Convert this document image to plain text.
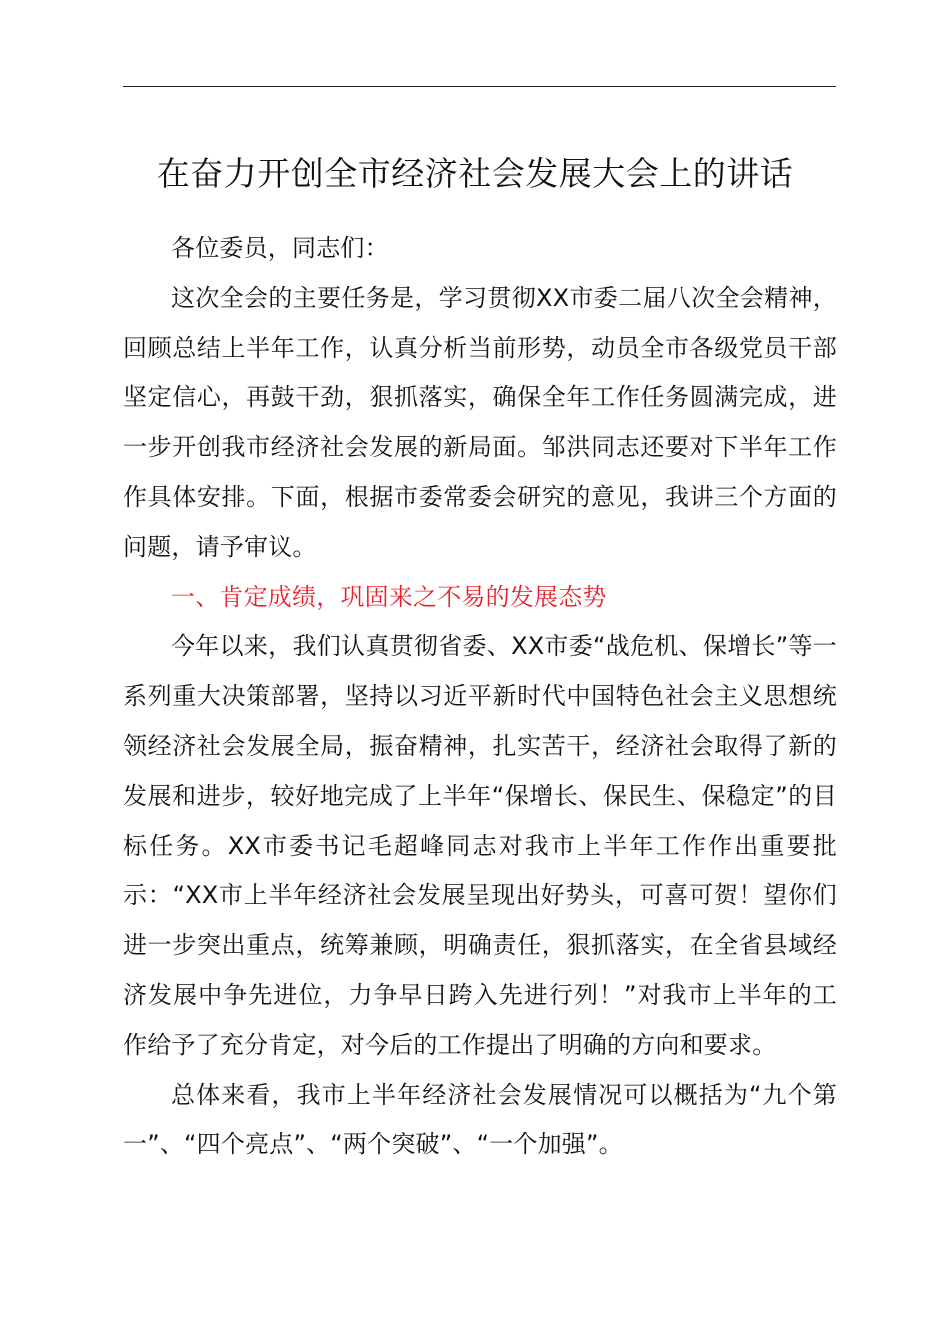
在奋力开创全市经济社会发展大会上的讲话

各位委员，同志们：

这次全会的主要任务是，学习贯彻XX市委二届八次全会精神，回顾总结上半年工作，认真分析当前形势，动员全市各级党员干部坚定信心，再鼓干劲，狠抓落实，确保全年工作任务圆满完成，进一步开创我市经济社会发展的新局面。邹洪同志还要对下半年工作作具体安排。下面，根据市委常委会研究的意见，我讲三个方面的问题，请予审议。

一、肯定成绩，巩固来之不易的发展态势

今年以来，我们认真贯彻省委、XX市委“战危机、保增长”等一系列重大决策部署，坚持以习近平新时代中国特色社会主义思想统领经济社会发展全局，振奋精神，扎实苦干，经济社会取得了新的发展和进步，较好地完成了上半年“保增长、保民生、保稳定”的目标任务。XX市委书记毛超峰同志对我市上半年工作作出重要批示：“XX市上半年经济社会发展呈现出好势头，可喜可贺！望你们进一步突出重点，统筹兼顾，明确责任，狠抓落实，在全省县域经济发展中争先进位，力争早日跨入先进行列！”对我市上半年的工作给予了充分肯定，对今后的工作提出了明确的方向和要求。

总体来看，我市上半年经济社会发展情况可以概括为“九个第一”、“四个亮点”、“两个突破”、“一个加强”。
